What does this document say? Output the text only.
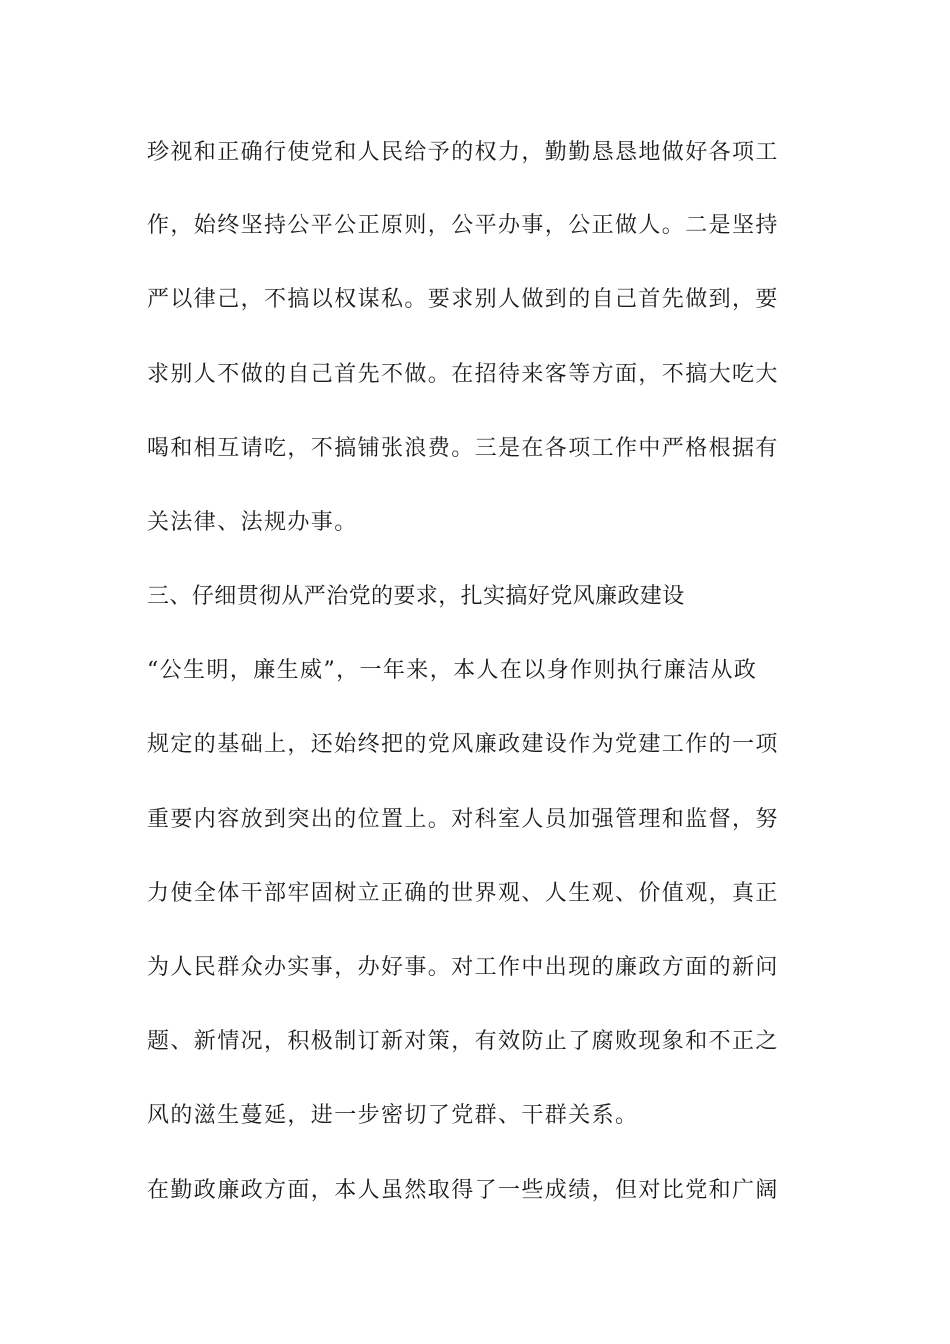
珍视和正确行使党和人民给予的权力，勤勤恳恳地做好各项工
作，始终坚持公平公正原则，公平办事，公正做人。二是坚持
严以律己，不搞以权谋私。要求别人做到的自己首先做到，要
求别人不做的自己首先不做。在招待来客等方面，不搞大吃大
喝和相互请吃，不搞铺张浪费。三是在各项工作中严格根据有
关法律、法规办事。
三、仔细贯彻从严治党的要求，扎实搞好党风廉政建设
“公生明，廉生威”，一年来，本人在以身作则执行廉洁从政
规定的基础上，还始终把的党风廉政建设作为党建工作的一项
重要内容放到突出的位置上。对科室人员加强管理和监督，努
力使全体干部牢固树立正确的世界观、人生观、价值观，真正
为人民群众办实事，办好事。对工作中出现的廉政方面的新问
题、新情况，积极制订新对策，有效防止了腐败现象和不正之
风的滋生蔓延，进一步密切了党群、干群关系。
在勤政廉政方面，本人虽然取得了一些成绩，但对比党和广阔
